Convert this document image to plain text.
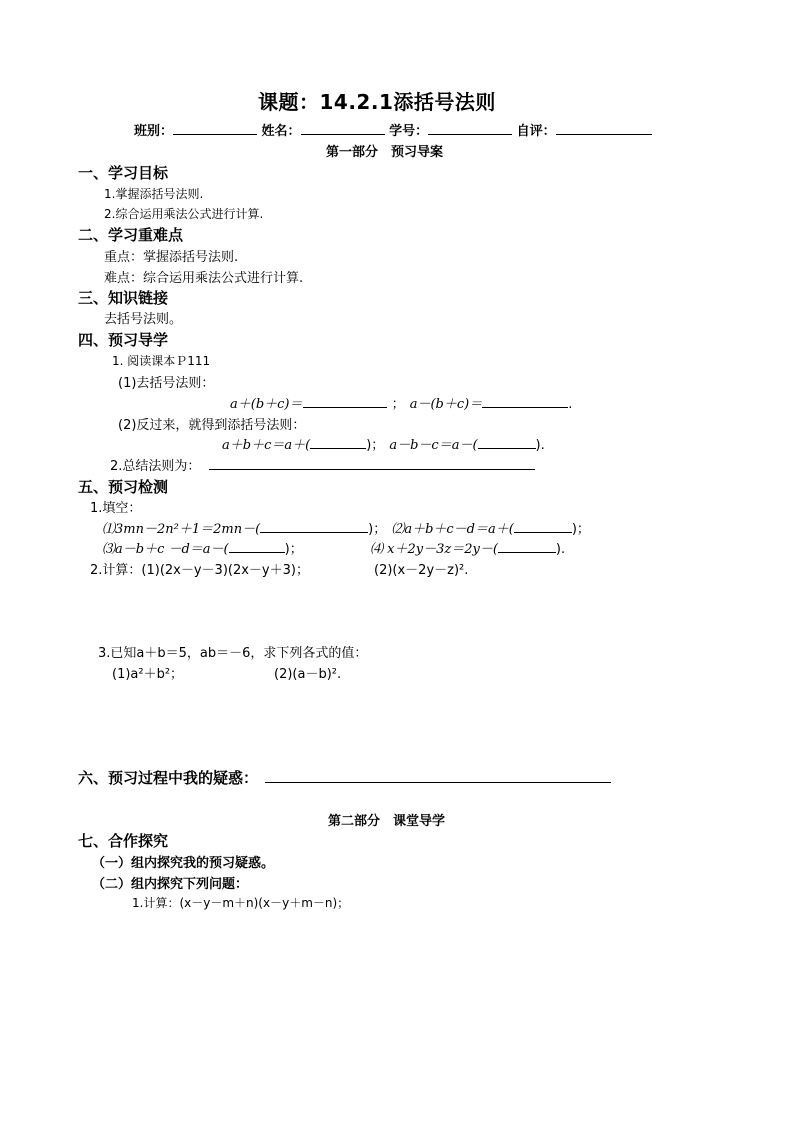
课题：14.2.1添括号法则
班别：	姓名：	学号：	自评：
第一部分　预习导案
一、学习目标
1.掌握添括号法则.
2.综合运用乘法公式进行计算.
二、学习重难点
重点：掌握添括号法则.
难点：综合运用乘法公式进行计算.
三、知识链接
去括号法则。
四、预习导学
1. 阅读课本Ｐ111
(1)去括号法则：
a＋(b＋c)＝	； a－(b＋c)＝	.
(2)反过来，就得到添括号法则：
a＋b＋c＝a＋(	)； a－b－c＝a－(	).
2.总结法则为：
五、预习检测
1.填空：
⑴3mn－2n²＋1＝2mn－(	)； ⑵a＋b＋c－d＝a＋(	)；
⑶a－b＋c －d＝a－(	)；	⑷ x＋2y－3z＝2y－(	).
2.计算：(1)(2x－y－3)(2x－y＋3)；	(2)(x－2y－z)².
3.已知a＋b＝5，ab＝－6，求下列各式的值：
(1)a²＋b²；	(2)(a－b)².
六、预习过程中我的疑惑：
第二部分　课堂导学
七、合作探究
（一）组内探究我的预习疑惑。
（二）组内探究下列问题：
1.计算：(x－y－m＋n)(x－y＋m－n)；
